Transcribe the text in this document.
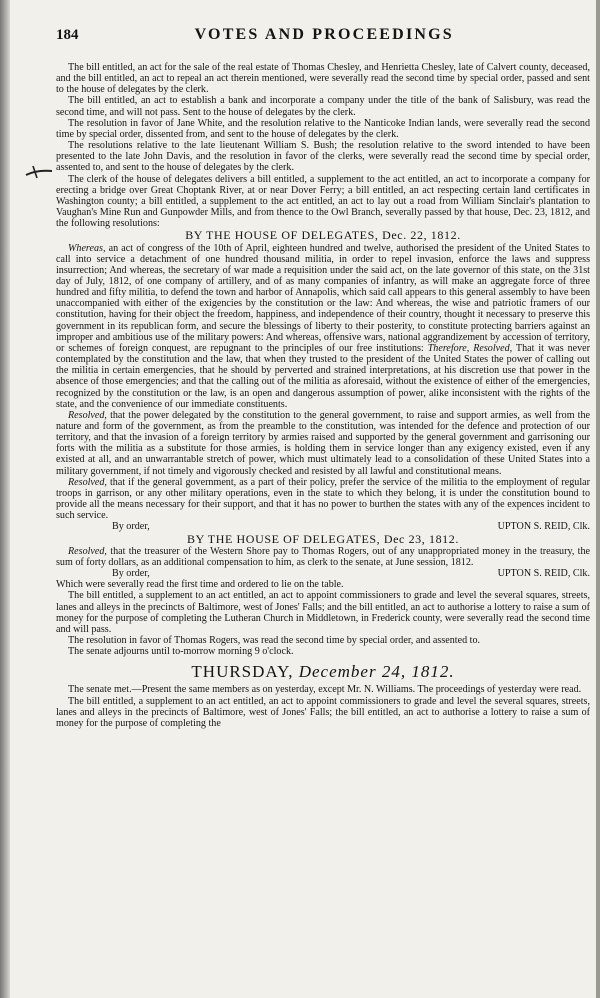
184	VOTES AND PROCEEDINGS

The bill entitled, an act for the sale of the real estate of Thomas Chesley, and Henrietta Chesley, late of Calvert county, deceased, and the bill entitled, an act to repeal an act therein mentioned, were severally read the second time by special order, passed and sent to the house of delegates by the clerk.

The bill entitled, an act to establish a bank and incorporate a company under the title of the bank of Salisbury, was read the second time, and will not pass. Sent to the house of delegates by the clerk.

The resolution in favor of Jane White, and the resolution relative to the Nanticoke Indian lands, were severally read the second time by special order, dissented from, and sent to the house of delegates by the clerk.

The resolutions relative to the late lieutenant William S. Bush; the resolution relative to the sword intended to have been presented to the late John Davis, and the resolution in favor of the clerks, were severally read the second time by special order, assented to, and sent to the house of delegates by the clerk.

The clerk of the house of delegates delivers a bill entitled, a supplement to the act entitled, an act to incorporate a company for erecting a bridge over Great Choptank River, at or near Dover Ferry; a bill entitled, an act respecting certain land certificates in Washington county; a bill entitled, a supplement to the act entitled, an act to lay out a road from William Sinclair's plantation to Vaughan's Mine Run and Gunpowder Mills, and from thence to the Owl Branch, severally passed by that house, Dec. 23, 1812, and the following resolutions:

BY THE HOUSE OF DELEGATES, Dec. 22, 1812.

Whereas, an act of congress of the 10th of April, eighteen hundred and twelve, authorised the president of the United States to call into service a detachment of one hundred thousand militia, in order to repel invasion, enforce the laws and suppress insurrection; And whereas, the secretary of war made a requisition under the said act, on the late governor of this state, on the 31st day of July, 1812, of one company of artillery, and of as many companies of infantry, as will make an aggregate force of three hundred and fifty militia, to defend the town and harbor of Annapolis, which said call appears to this general assembly to have been unaccompanied with either of the exigencies by the constitution or the law: And whereas, the wise and patriotic framers of our constitution, having for their object the freedom, happiness, and independence of their country, thought it necessary to preserve this government in its republican form, and secure the blessings of liberty to their posterity, to constitute protecting barriers against an improper and ambitious use of the military powers: And whereas, offensive wars, national aggrandizement by accession of territory, or schemes of foreign conquest, are repugnant to the principles of our free institutions: Therefore, Resolved, That it was never contemplated by the constitution and the law, that when they trusted to the president of the United States the power of calling out the militia in certain emergencies, that he should by perverted and strained interpretations, at his discretion use that power in the absence of those emergencies; and that the calling out of the militia as aforesaid, without the existence of either of the emergencies, recognized by the constitution or the law, is an open and dangerous assumption of power, alike inconsistent with the rights of the state, and the convenience of our immediate constituents.

Resolved, that the power delegated by the constitution to the general government, to raise and support armies, as well from the nature and form of the government, as from the preamble to the constitution, was intended for the defence and protection of our territory, and that the invasion of a foreign territory by armies raised and supported by the general government and garrisoning our forts with the militia as a substitute for those armies, is holding them in service longer than any exigency existed, even if any existed at all, and an unwarrantable stretch of power, which must ultimately lead to a consolidation of these United States into a military government, if not timely and vigorously checked and resisted by all lawful and constitutional means.

Resolved, that if the general government, as a part of their policy, prefer the service of the militia to the employment of regular troops in garrison, or any other military operations, even in the state to which they belong, it is under the constitution bound to provide all the means necessary for their support, and that it has no power to burthen the states with any of the expences incident to such service.

By order,	UPTON S. REID, Clk.

BY THE HOUSE OF DELEGATES, Dec 23, 1812.

Resolved, that the treasurer of the Western Shore pay to Thomas Rogers, out of any unappropriated money in the treasury, the sum of forty dollars, as an additional compensation to him, as clerk to the senate, at June session, 1812.

By order,	UPTON S. REID, Clk.

Which were severally read the first time and ordered to lie on the table.

The bill entitled, a supplement to an act entitled, an act to appoint commissioners to grade and level the several squares, streets, lanes and alleys in the precincts of Baltimore, west of Jones' Falls; and the bill entitled, an act to authorise a lottery to raise a sum of money for the purpose of completing the Lutheran Church in Middletown, in Frederick county, were severally read the second time and will pass.

The resolution in favor of Thomas Rogers, was read the second time by special order, and assented to.

The senate adjourns until to-morrow morning 9 o'clock.

THURSDAY, December 24, 1812.

The senate met.—Present the same members as on yesterday, except Mr. N. Williams. The proceedings of yesterday were read.

The bill entitled, a supplement to an act entitled, an act to appoint commissioners to grade and level the several squares, streets, lanes and alleys in the precincts of Baltimore, west of Jones' Falls; the bill entitled, an act to authorise a lottery to raise a sum of money for the purpose of completing the
